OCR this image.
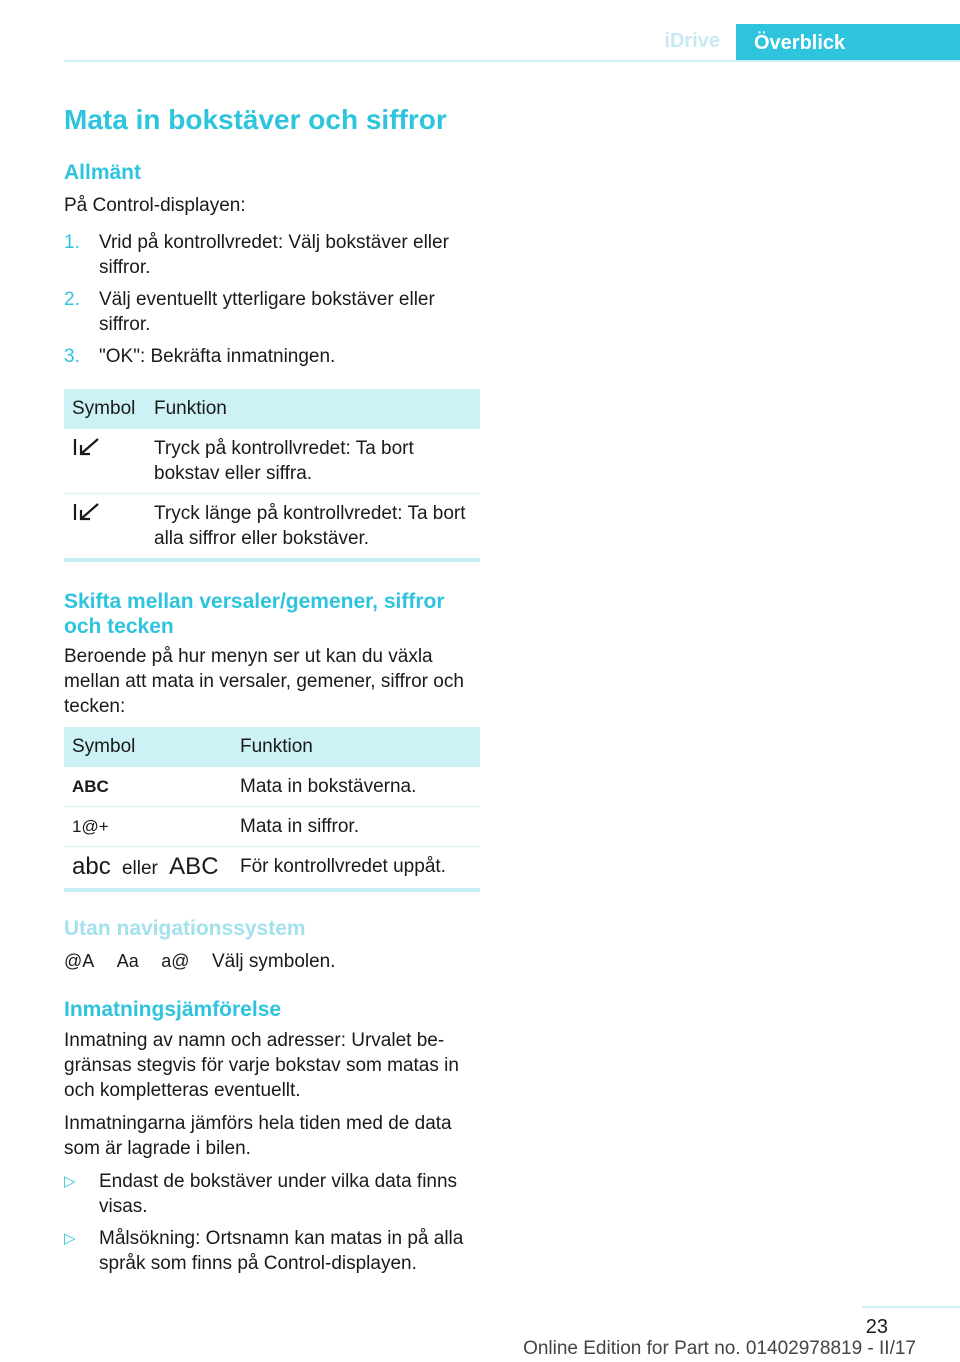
iDrive	Överblick
Mata in bokstäver och siffror
Allmänt

På Control-displayen:

1. Vrid på kontrollvredet: Välj bokstäver eller siffror.
2. Välj eventuellt ytterligare bokstäver eller siffror.
3. "OK": Bekräfta inmatningen.
Symbol	Funktion
	Tryck på kontrollvredet: Ta bort bokstav eller siffra.
	Tryck länge på kontrollvredet: Ta bort alla siffror eller bokstäver.
Skifta mellan versaler/gemener, siffror och tecken

Beroende på hur menyn ser ut kan du växla mellan att mata in versaler, gemener, siffror och tecken:

Symbol	Funktion
ABC	Mata in bokstäverna.
1@+	Mata in siffror.
abc eller ABC	För kontrollvredet uppåt.
Utan navigationssystem
@A Aa a@ Välj symbolen.
Inmatningsjämförelse

Inmatning av namn och adresser: Urvalet be‐gränsas stegvis för varje bokstav som matas in och kompletteras eventuellt.

Inmatningarna jämförs hela tiden med de data som är lagrade i bilen.

▷ Endast de bokstäver under vilka data finns visas.
▷ Målsökning: Ortsnamn kan matas in på alla språk som finns på Control-displayen.
23
Online Edition for Part no. 01402978819 - II/17
